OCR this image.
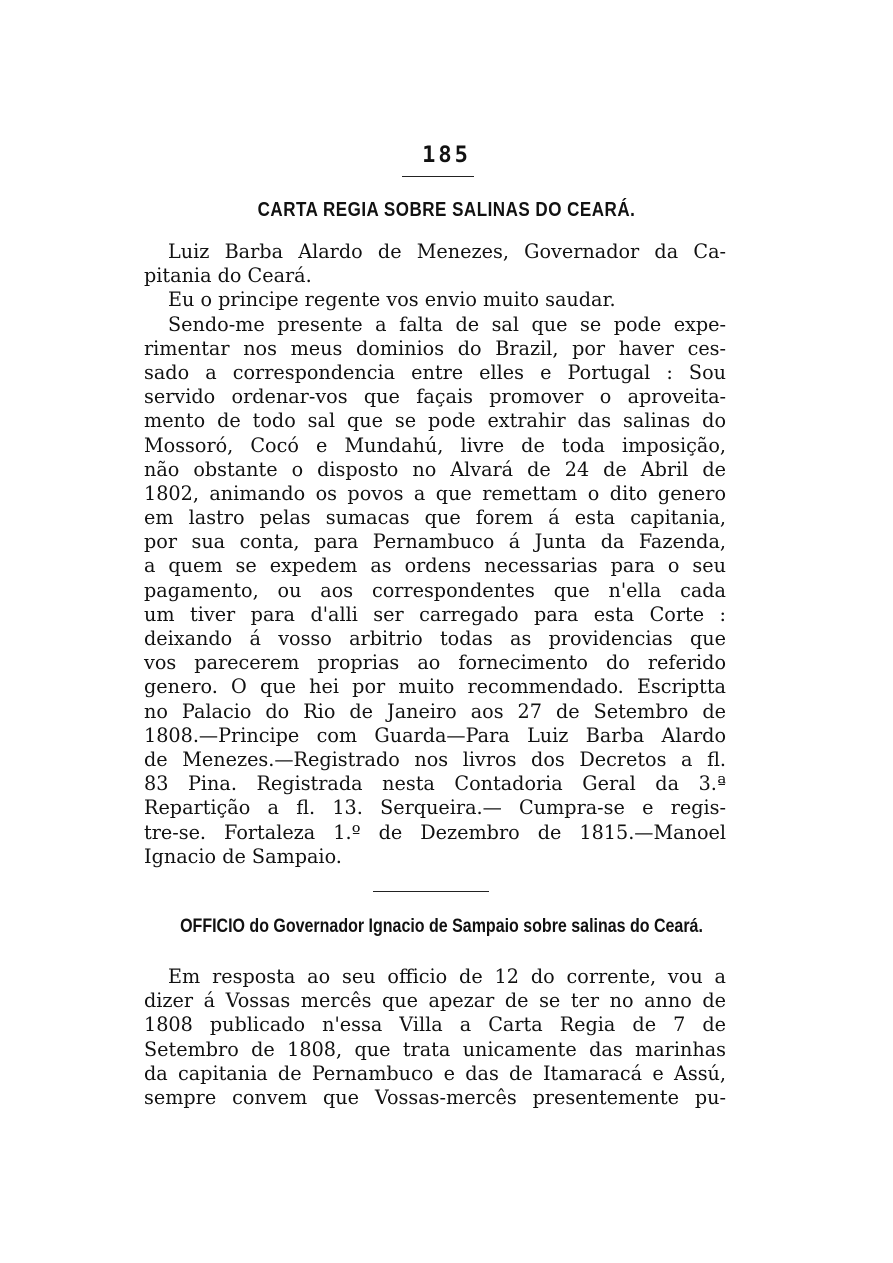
185
CARTA REGIA SOBRE SALINAS DO CEARÁ.
Luiz Barba Alardo de Menezes, Governador da Ca-
pitania do Ceará.
Eu o principe regente vos envio muito saudar.
Sendo-me presente a falta de sal que se pode expe-
rimentar nos meus dominios do Brazil, por haver ces-
sado a correspondencia entre elles e Portugal : Sou
servido ordenar-vos que façais promover o aproveita-
mento de todo sal que se pode extrahir das salinas do
Mossoró, Cocó e Mundahú, livre de toda imposição,
não obstante o disposto no Alvará de 24 de Abril de
1802, animando os povos a que remettam o dito genero
em lastro pelas sumacas que forem á esta capitania,
por sua conta, para Pernambuco á Junta da Fazenda,
a quem se expedem as ordens necessarias para o seu
pagamento, ou aos correspondentes que n'ella cada
um tiver para d'alli ser carregado para esta Corte :
deixando á vosso arbitrio todas as providencias que
vos parecerem proprias ao fornecimento do referido
genero. O que hei por muito recommendado. Escriptta
no Palacio do Rio de Janeiro aos 27 de Setembro de
1808.—Principe com Guarda—Para Luiz Barba Alardo
de Menezes.—Registrado nos livros dos Decretos a fl.
83 Pina. Registrada nesta Contadoria Geral da 3.ª
Repartição a fl. 13. Serqueira.— Cumpra-se e regis-
tre-se. Fortaleza 1.º de Dezembro de 1815.—Manoel
Ignacio de Sampaio.
OFFICIO do Governador Ignacio de Sampaio sobre salinas do Ceará.
Em resposta ao seu officio de 12 do corrente, vou a
dizer á Vossas mercês que apezar de se ter no anno de
1808 publicado n'essa Villa a Carta Regia de 7 de
Setembro de 1808, que trata unicamente das marinhas
da capitania de Pernambuco e das de Itamaracá e Assú,
sempre convem que Vossas-mercês presentemente pu-
